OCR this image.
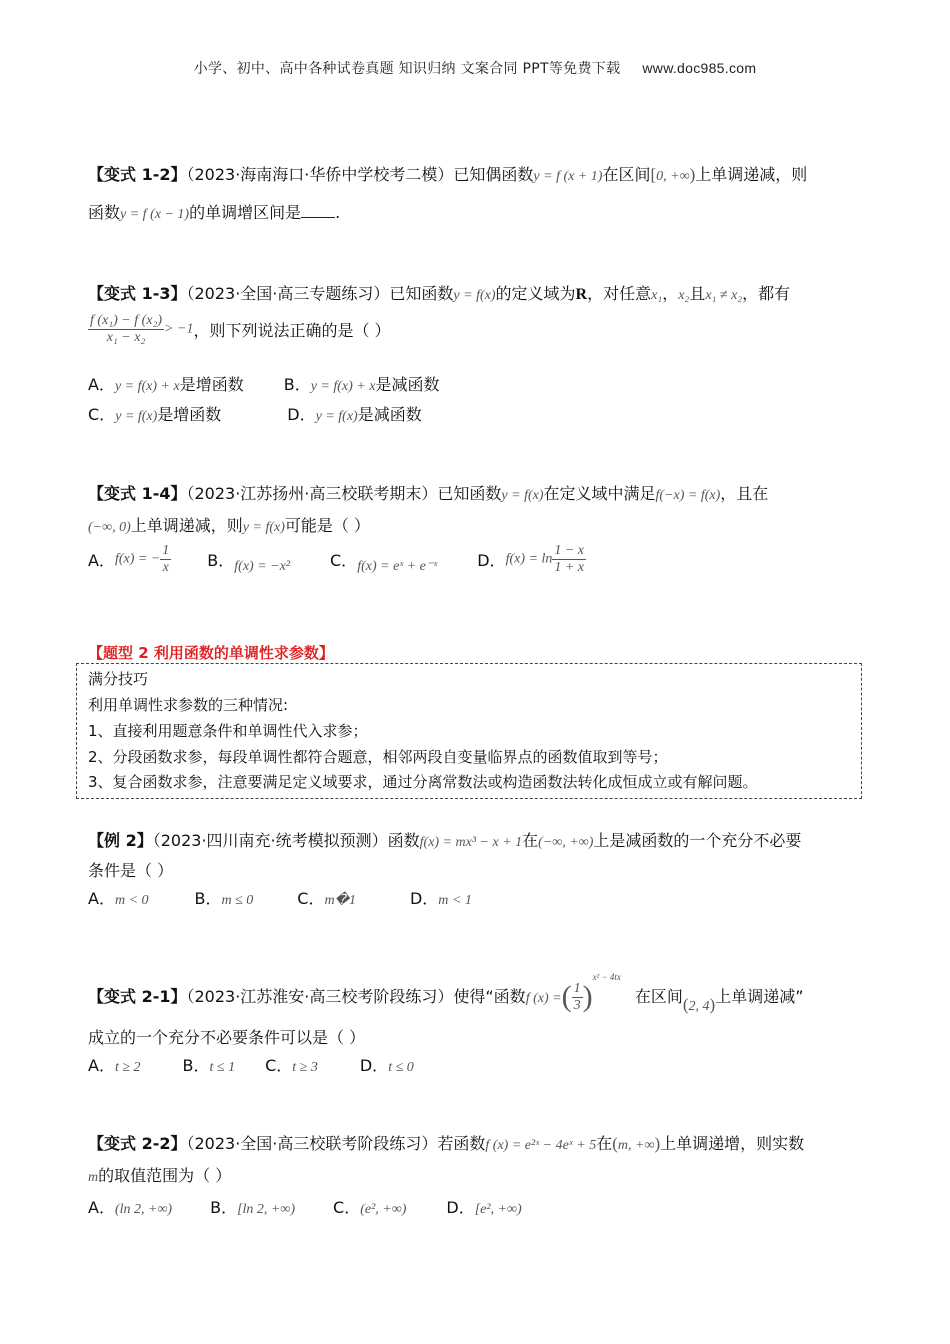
小学、初中、高中各种试卷真题 知识归纳 文案合同 PPT等免费下载 www.doc985.com
【变式 1-2】（2023·海南海口·华侨中学校考二模）已知偶函数y = f (x + 1)在区间[0, +∞)上单调递减，则
函数y = f (x − 1)的单调增区间是 .
【变式 1-3】（2023·全国·高三专题练习）已知函数y = f(x)的定义域为R，对任意x₁，x₂且x₁ ≠ x₂，都有
$\frac{\text{f (x₁) − f (x₂)}}{\text{x₁ − x₂}} > -1$，则下列说法正确的是（ ）
A．y = f(x) + x是增函数	B．y = f(x) + x是减函数
C．y = f(x)是增函数	D．y = f(x)是减函数
【变式 1-4】（2023·江苏扬州·高三校联考期末）已知函数y = f(x)在定义域中满足f(−x) = f(x)，且在
(−∞, 0)上单调递减，则y = f(x)可能是（ ）
A．f(x) = − $\frac{1}{x}$ B．f(x) = −x²	C．f(x) = eˣ + e⁻ˣ	D．$f(x) = \ln \frac{1 - x}{1 + x}$
【题型 2 利用函数的单调性求参数】
满分技巧
利用单调性求参数的三种情况:
1、直接利用题意条件和单调性代入求参；
2、分段函数求参，每段单调性都符合题意，相邻两段自变量临界点的函数值取到等号；
3、复合函数求参，注意要满足定义域要求，通过分离常数法或构造函数法转化成恒成立或有解问题。
【例 2】（2023·四川南充·统考模拟预测）函数f(x) = mx³ − x + 1在(−∞, +∞)上是减函数的一个充分不必要
条件是（ ）
A．m < 0	B．m ≤ 0	C．m�1	D．m < 1
【变式 2-1】（2023·江苏淮安·高三校考阶段练习）使得“函数f (x) =( $\frac{1}{3} )^{x^2 - 4tx}$在区间(2, 4)上单调递减”
成立的一个充分不必要条件可以是（ ）
A．t ≥ 2	B．t ≤ 1 C．t ≥ 3	D．t ≤ 0
【变式 2-2】（2023·全国·高三校联考阶段练习）若函数f (x) = e²ˣ − 4eˣ + 5在(m, +∞)上单调递增，则实数
m的取值范围为（ ）
A．(ln 2, +∞) B．[ln 2, +∞) C．(e², +∞)	D．[e², +∞)
